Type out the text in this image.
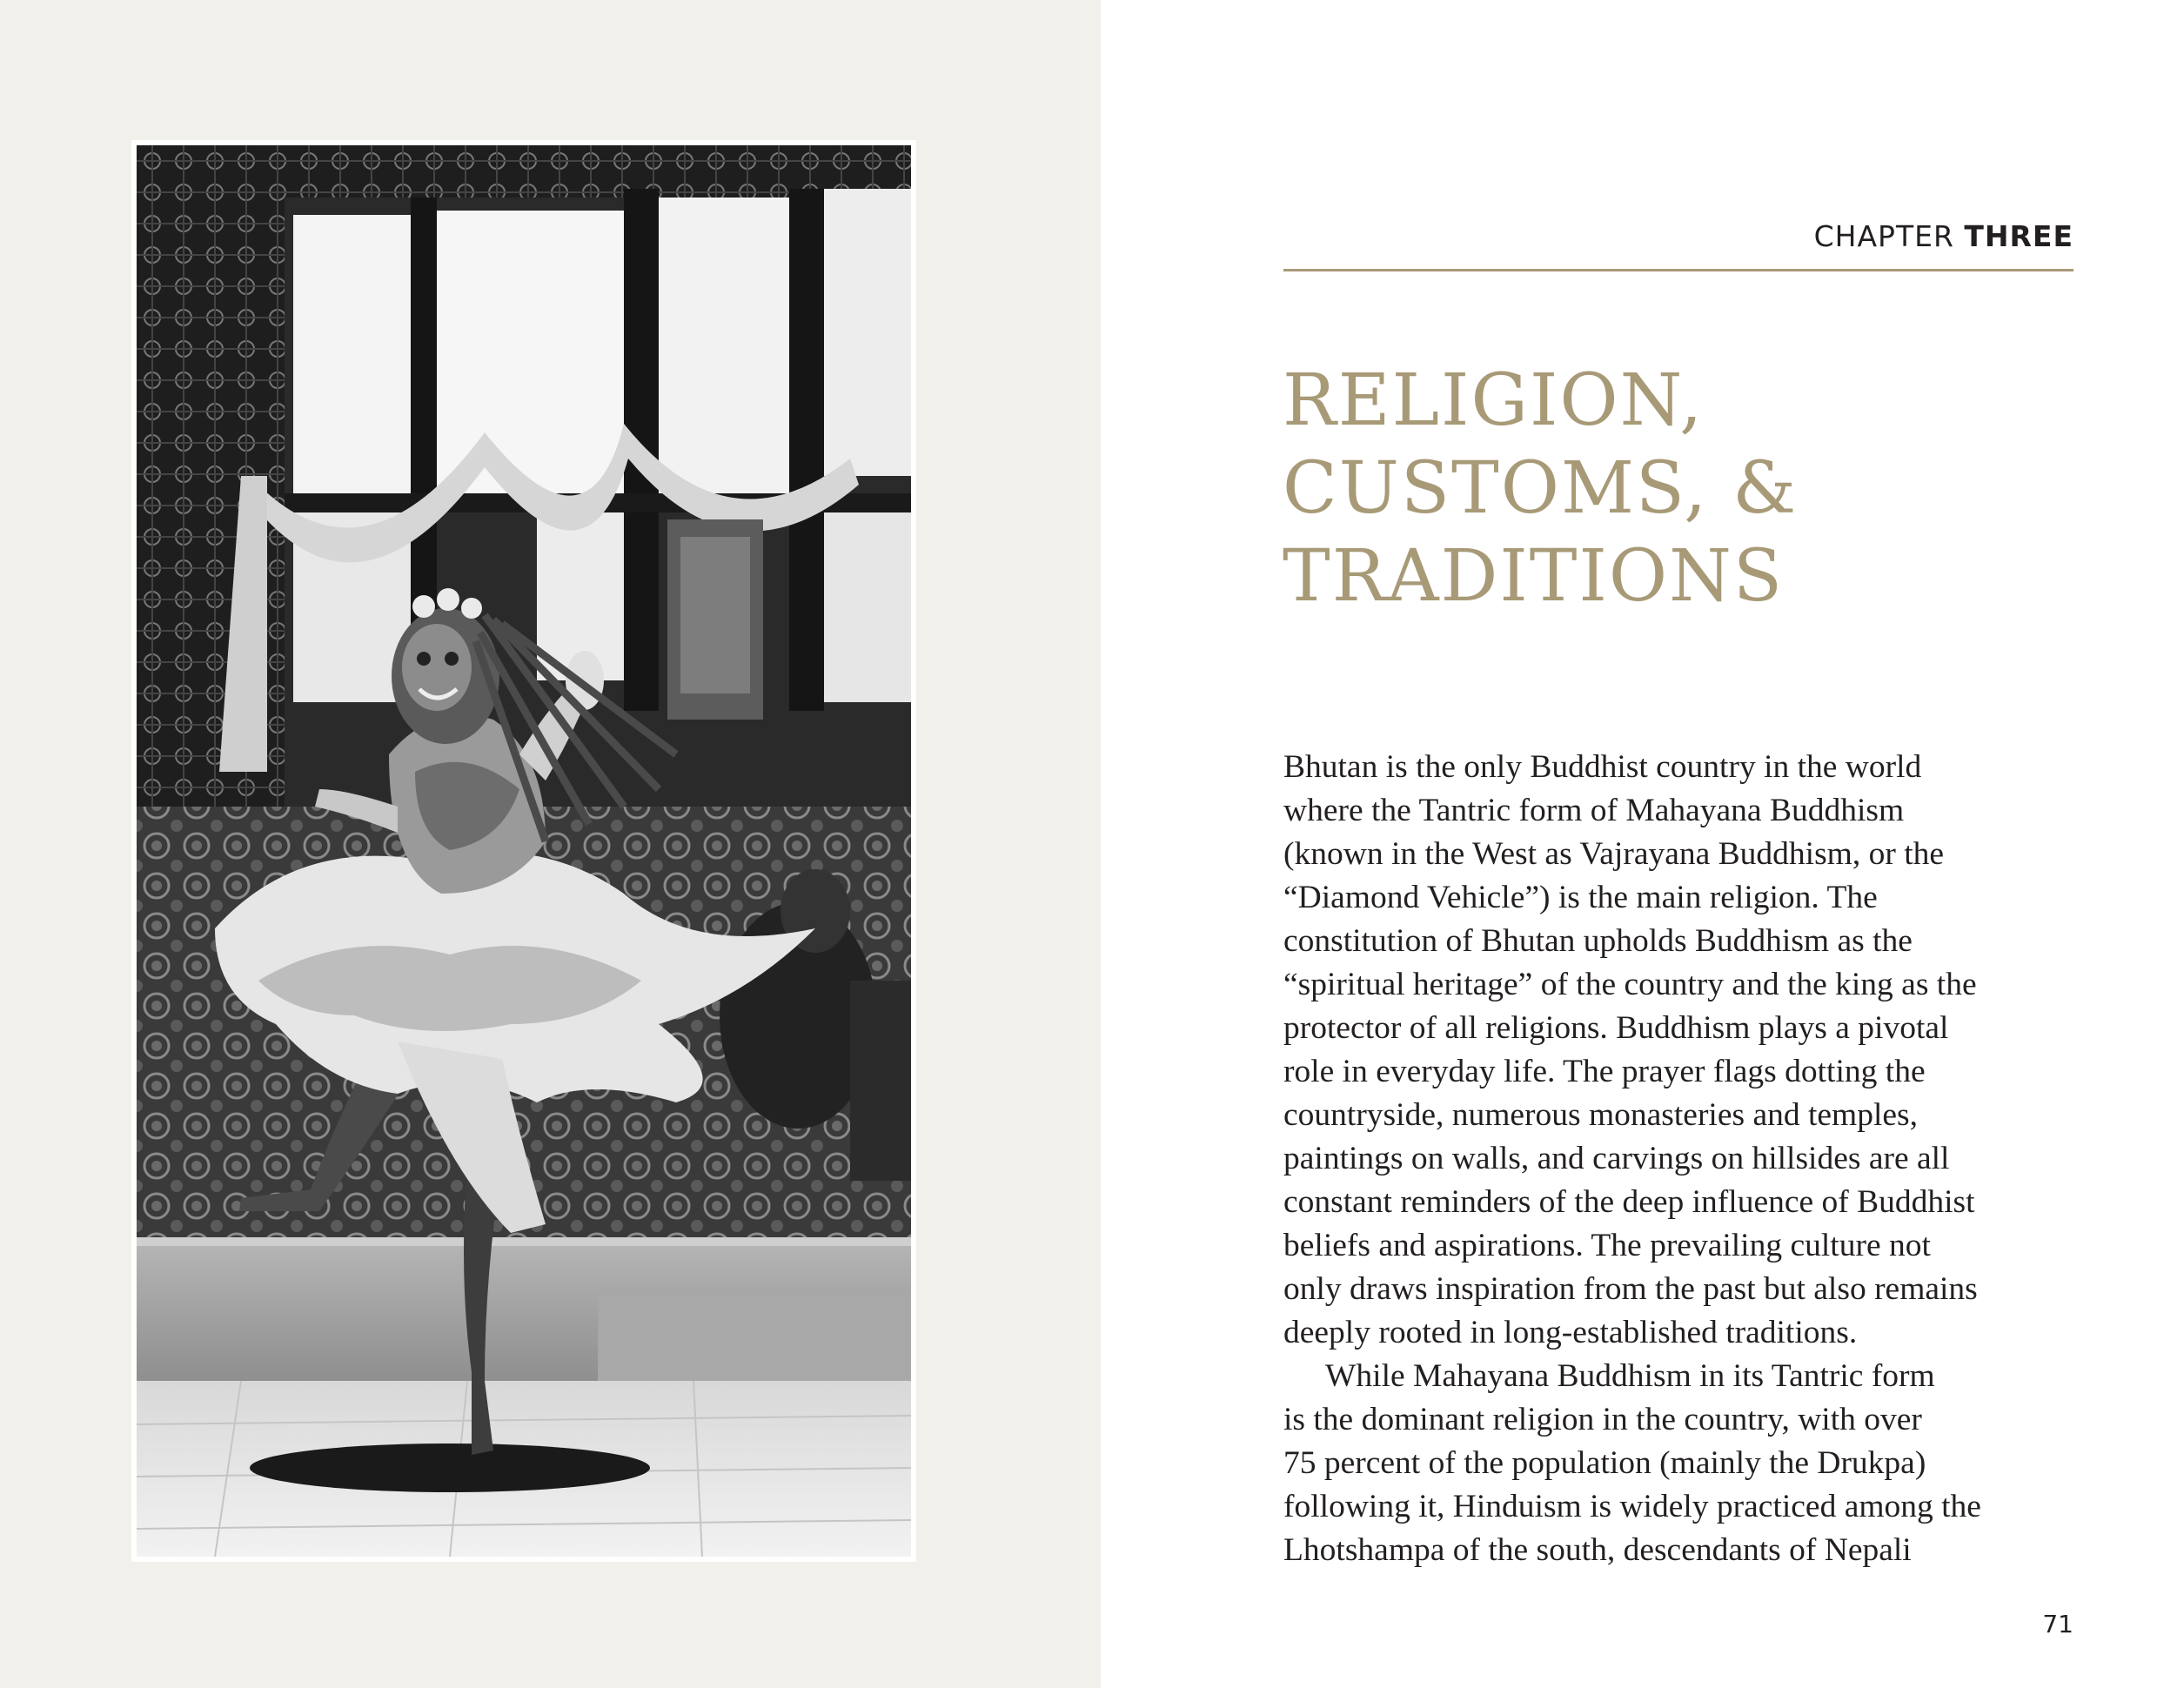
CHAPTER THREE
RELIGION,
CUSTOMS, &
TRADITIONS
Bhutan is the only Buddhist country in the world
where the Tantric form of Mahayana Buddhism
(known in the West as Vajrayana Buddhism, or the
“Diamond Vehicle”) is the main religion. The
constitution of Bhutan upholds Buddhism as the
“spiritual heritage” of the country and the king as the
protector of all religions. Buddhism plays a pivotal
role in everyday life. The prayer flags dotting the
countryside, numerous monasteries and temples,
paintings on walls, and carvings on hillsides are all
constant reminders of the deep influence of Buddhist
beliefs and aspirations. The prevailing culture not
only draws inspiration from the past but also remains
deeply rooted in long-established traditions.
While Mahayana Buddhism in its Tantric form
is the dominant religion in the country, with over
75 percent of the population (mainly the Drukpa)
following it, Hinduism is widely practiced among the
Lhotshampa of the south, descendants of Nepali
71
